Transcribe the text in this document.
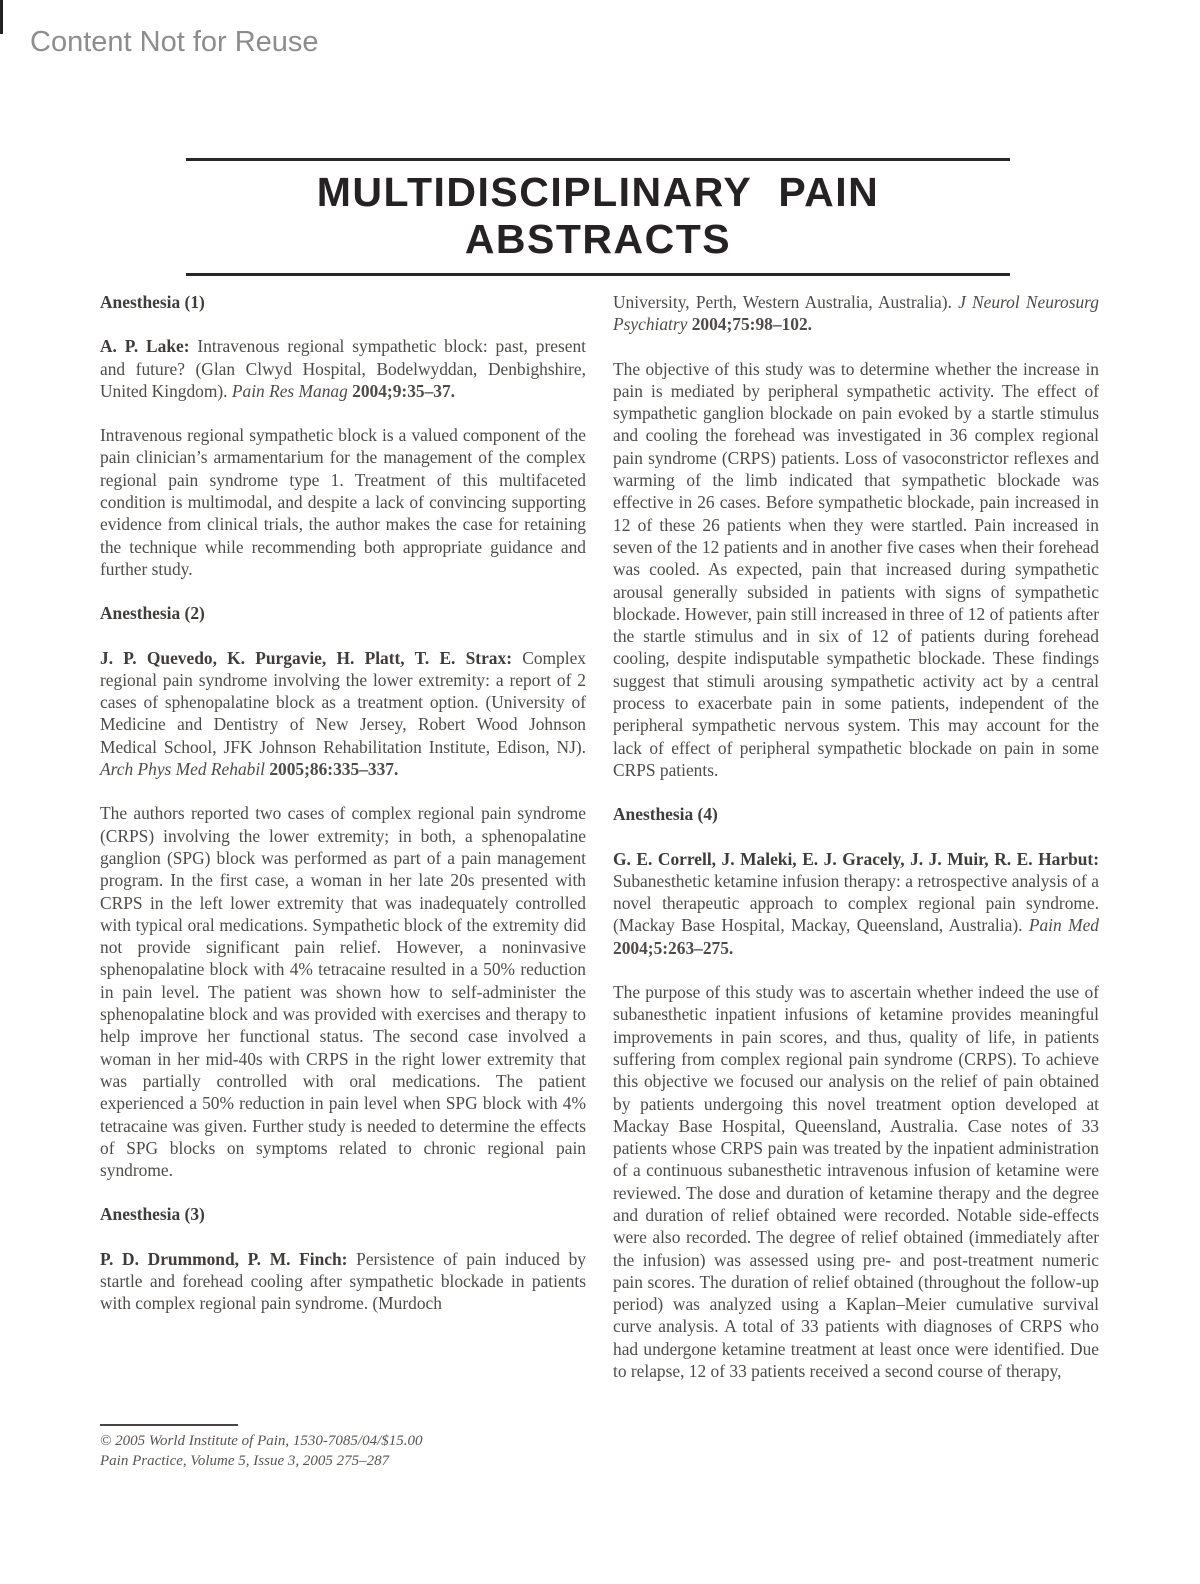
Content Not for Reuse
MULTIDISCIPLINARY PAIN ABSTRACTS
Anesthesia (1)

A. P. Lake: Intravenous regional sympathetic block: past, present and future? (Glan Clwyd Hospital, Bodelwyddan, Denbighshire, United Kingdom). Pain Res Manag 2004;9:35–37.

Intravenous regional sympathetic block is a valued component of the pain clinician’s armamentarium for the management of the complex regional pain syndrome type 1. Treatment of this multifaceted condition is multimodal, and despite a lack of convincing supporting evidence from clinical trials, the author makes the case for retaining the technique while recommending both appropriate guidance and further study.

Anesthesia (2)

J. P. Quevedo, K. Purgavie, H. Platt, T. E. Strax: Complex regional pain syndrome involving the lower extremity: a report of 2 cases of sphenopalatine block as a treatment option. (University of Medicine and Dentistry of New Jersey, Robert Wood Johnson Medical School, JFK Johnson Rehabilitation Institute, Edison, NJ). Arch Phys Med Rehabil 2005;86:335–337.

The authors reported two cases of complex regional pain syndrome (CRPS) involving the lower extremity; in both, a sphenopalatine ganglion (SPG) block was performed as part of a pain management program. In the first case, a woman in her late 20s presented with CRPS in the left lower extremity that was inadequately controlled with typical oral medications. Sympathetic block of the extremity did not provide significant pain relief. However, a noninvasive sphenopalatine block with 4% tetracaine resulted in a 50% reduction in pain level. The patient was shown how to self-administer the sphenopalatine block and was provided with exercises and therapy to help improve her functional status. The second case involved a woman in her mid-40s with CRPS in the right lower extremity that was partially controlled with oral medications. The patient experienced a 50% reduction in pain level when SPG block with 4% tetracaine was given. Further study is needed to determine the effects of SPG blocks on symptoms related to chronic regional pain syndrome.

Anesthesia (3)

P. D. Drummond, P. M. Finch: Persistence of pain induced by startle and forehead cooling after sympathetic blockade in patients with complex regional pain syndrome. (Murdoch

University, Perth, Western Australia, Australia). J Neurol Neurosurg Psychiatry 2004;75:98–102.

The objective of this study was to determine whether the increase in pain is mediated by peripheral sympathetic activity. The effect of sympathetic ganglion blockade on pain evoked by a startle stimulus and cooling the forehead was investigated in 36 complex regional pain syndrome (CRPS) patients. Loss of vasoconstrictor reflexes and warming of the limb indicated that sympathetic blockade was effective in 26 cases. Before sympathetic blockade, pain increased in 12 of these 26 patients when they were startled. Pain increased in seven of the 12 patients and in another five cases when their forehead was cooled. As expected, pain that increased during sympathetic arousal generally subsided in patients with signs of sympathetic blockade. However, pain still increased in three of 12 of patients after the startle stimulus and in six of 12 of patients during forehead cooling, despite indisputable sympathetic blockade. These findings suggest that stimuli arousing sympathetic activity act by a central process to exacerbate pain in some patients, independent of the peripheral sympathetic nervous system. This may account for the lack of effect of peripheral sympathetic blockade on pain in some CRPS patients.

Anesthesia (4)

G. E. Correll, J. Maleki, E. J. Gracely, J. J. Muir, R. E. Harbut: Subanesthetic ketamine infusion therapy: a retrospective analysis of a novel therapeutic approach to complex regional pain syndrome. (Mackay Base Hospital, Mackay, Queensland, Australia). Pain Med 2004;5:263–275.

The purpose of this study was to ascertain whether indeed the use of subanesthetic inpatient infusions of ketamine provides meaningful improvements in pain scores, and thus, quality of life, in patients suffering from complex regional pain syndrome (CRPS). To achieve this objective we focused our analysis on the relief of pain obtained by patients undergoing this novel treatment option developed at Mackay Base Hospital, Queensland, Australia. Case notes of 33 patients whose CRPS pain was treated by the inpatient administration of a continuous subanesthetic intravenous infusion of ketamine were reviewed. The dose and duration of ketamine therapy and the degree and duration of relief obtained were recorded. Notable side-effects were also recorded. The degree of relief obtained (immediately after the infusion) was assessed using pre- and post-treatment numeric pain scores. The duration of relief obtained (throughout the follow-up period) was analyzed using a Kaplan–Meier cumulative survival curve analysis. A total of 33 patients with diagnoses of CRPS who had undergone ketamine treatment at least once were identified. Due to relapse, 12 of 33 patients received a second course of therapy,

© 2005 World Institute of Pain, 1530-7085/04/$15.00
Pain Practice, Volume 5, Issue 3, 2005 275–287
